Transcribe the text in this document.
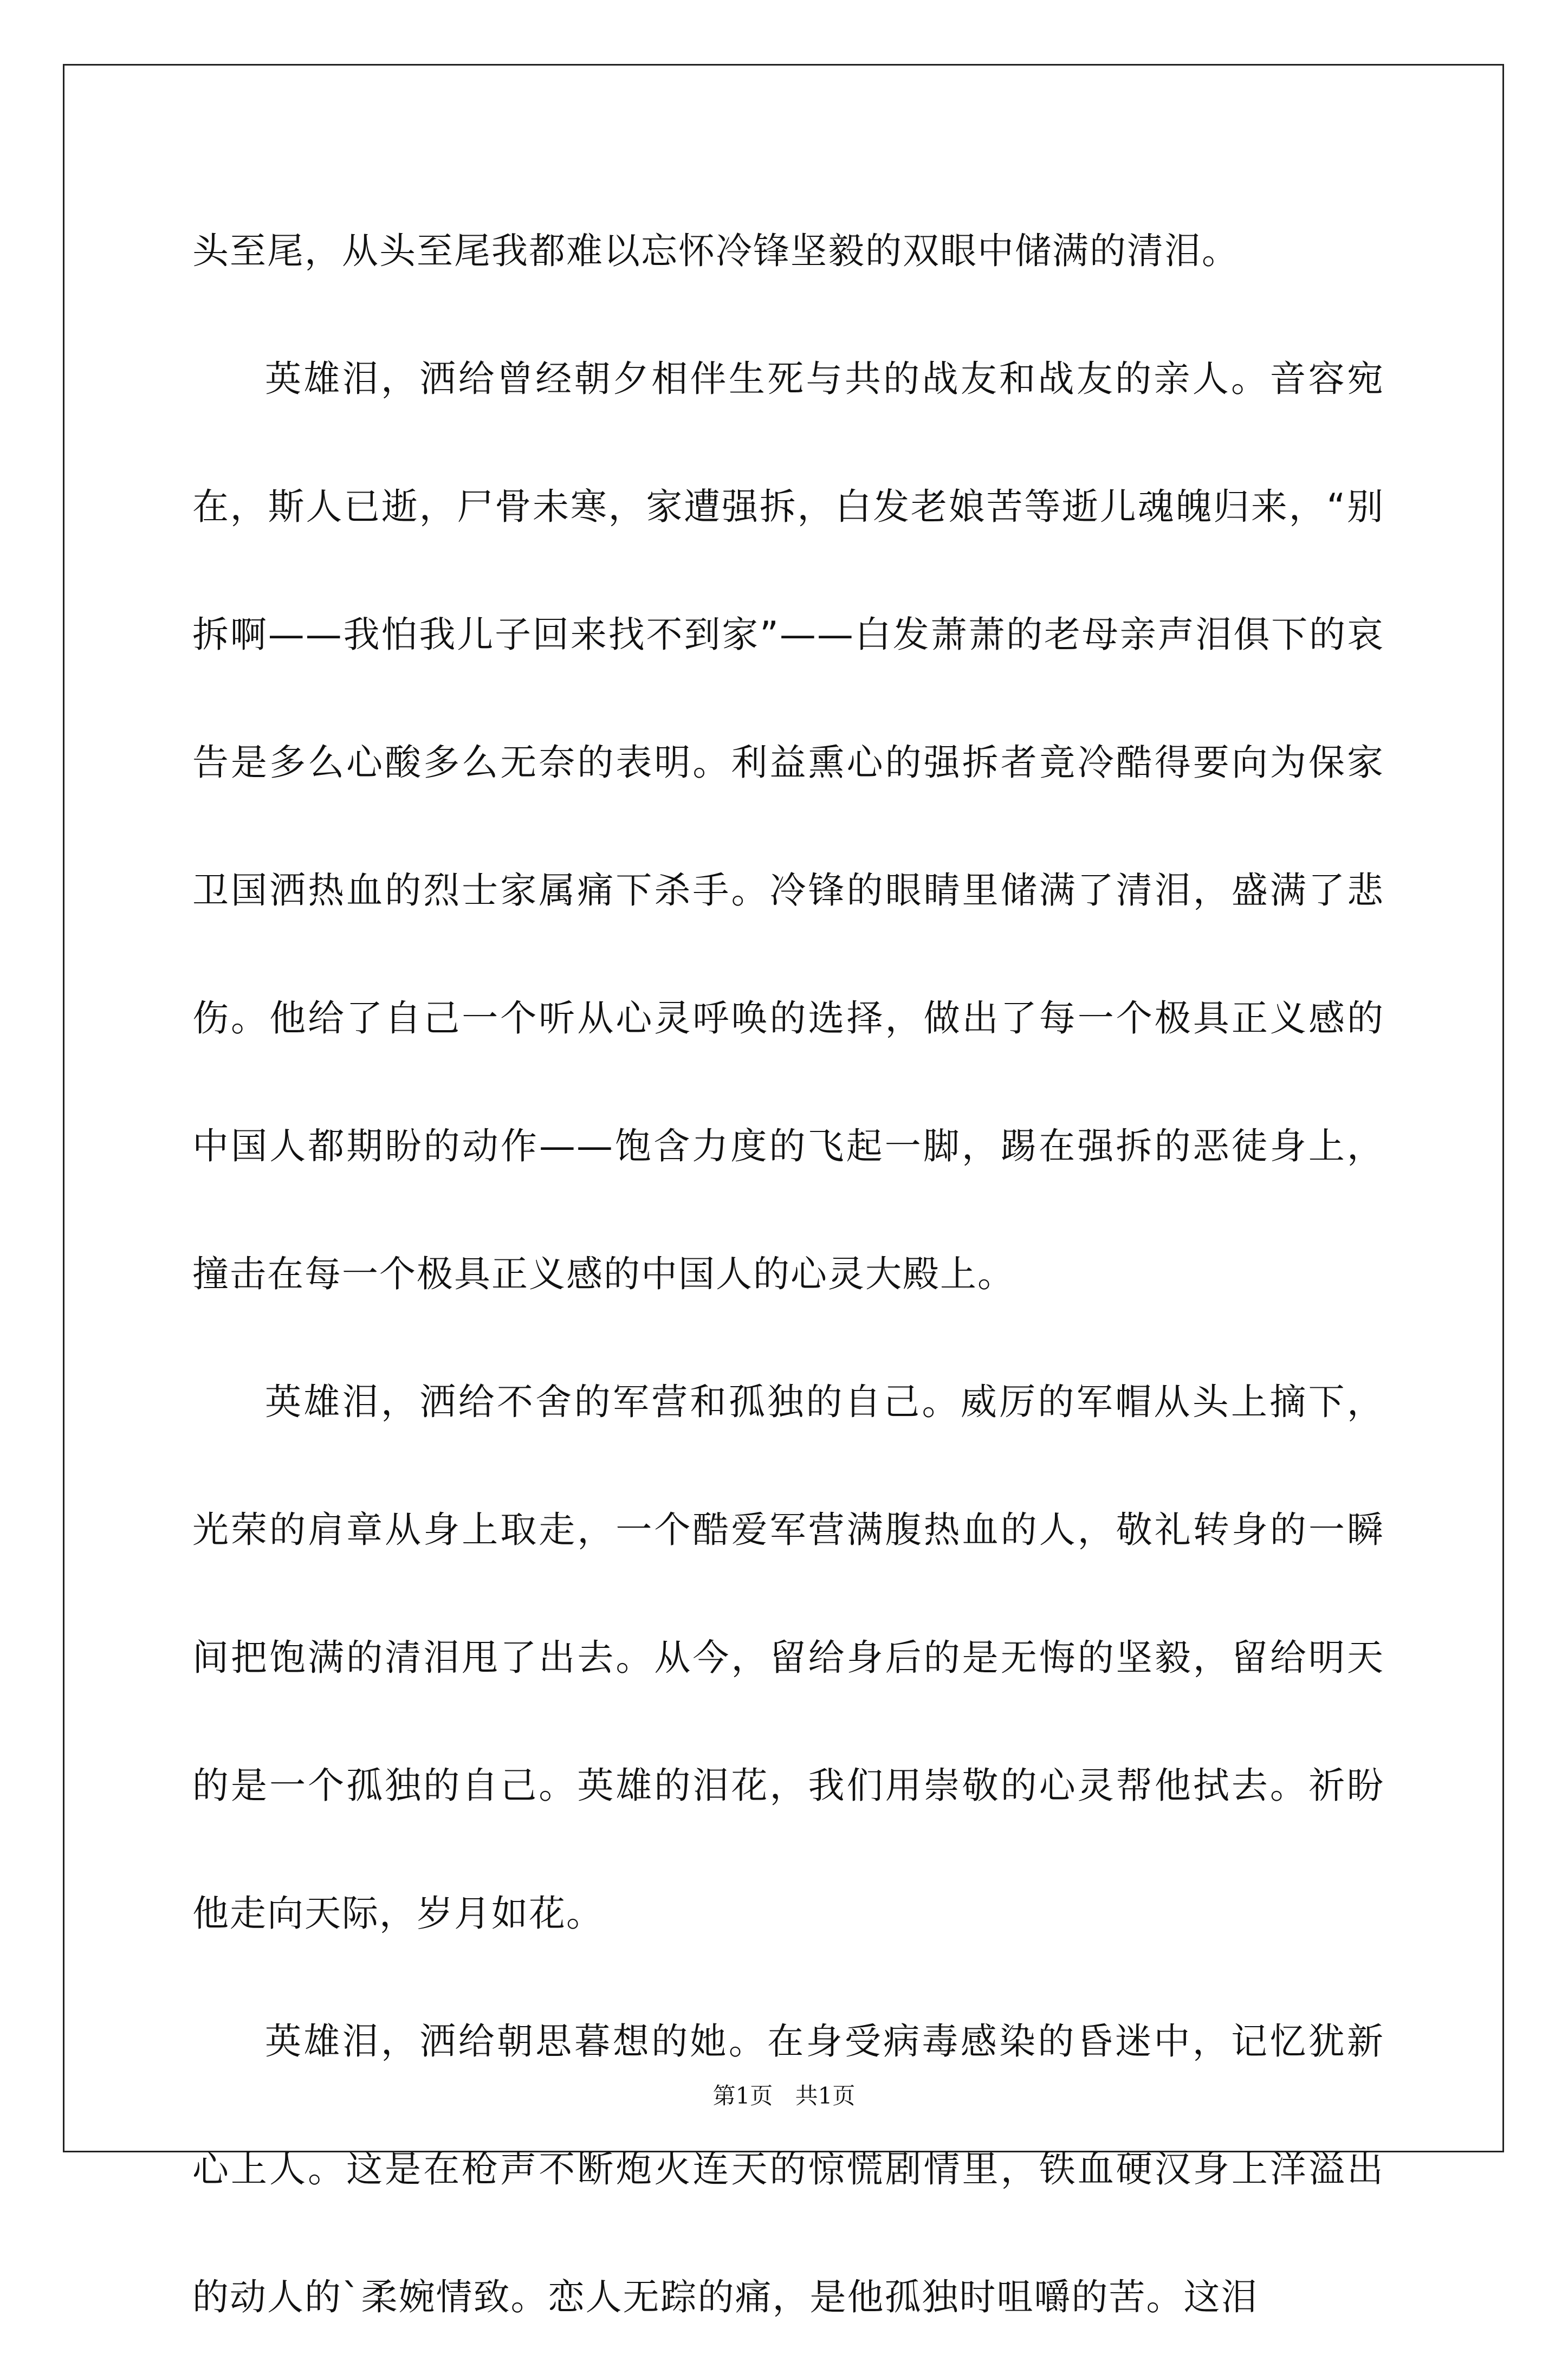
头至尾，从头至尾我都难以忘怀冷锋坚毅的双眼中储满的清泪。

英雄泪，洒给曾经朝夕相伴生死与共的战友和战友的亲人。音容宛在，斯人已逝，尸骨未寒，家遭强拆，白发老娘苦等逝儿魂魄归来，“别拆啊——我怕我儿子回来找不到家”——白发萧萧的老母亲声泪俱下的哀告是多么心酸多么无奈的表明。利益熏心的强拆者竟冷酷得要向为保家卫国洒热血的烈士家属痛下杀手。冷锋的眼睛里储满了清泪，盛满了悲伤。他给了自己一个听从心灵呼唤的选择，做出了每一个极具正义感的中国人都期盼的动作——饱含力度的飞起一脚，踢在强拆的恶徒身上，撞击在每一个极具正义感的中国人的心灵大殿上。

英雄泪，洒给不舍的军营和孤独的自己。威厉的军帽从头上摘下，光荣的肩章从身上取走，一个酷爱军营满腹热血的人，敬礼转身的一瞬间把饱满的清泪甩了出去。从今，留给身后的是无悔的坚毅，留给明天的是一个孤独的自己。英雄的泪花，我们用崇敬的心灵帮他拭去。祈盼他走向天际，岁月如花。

英雄泪，洒给朝思暮想的她。在身受病毒感染的昏迷中，记忆犹新心上人。这是在枪声不断炮火连天的惊慌剧情里，铁血硬汉身上洋溢出的动人的`柔婉情致。恋人无踪的痛，是他孤独时咀嚼的苦。这泪

第1页 共1页
